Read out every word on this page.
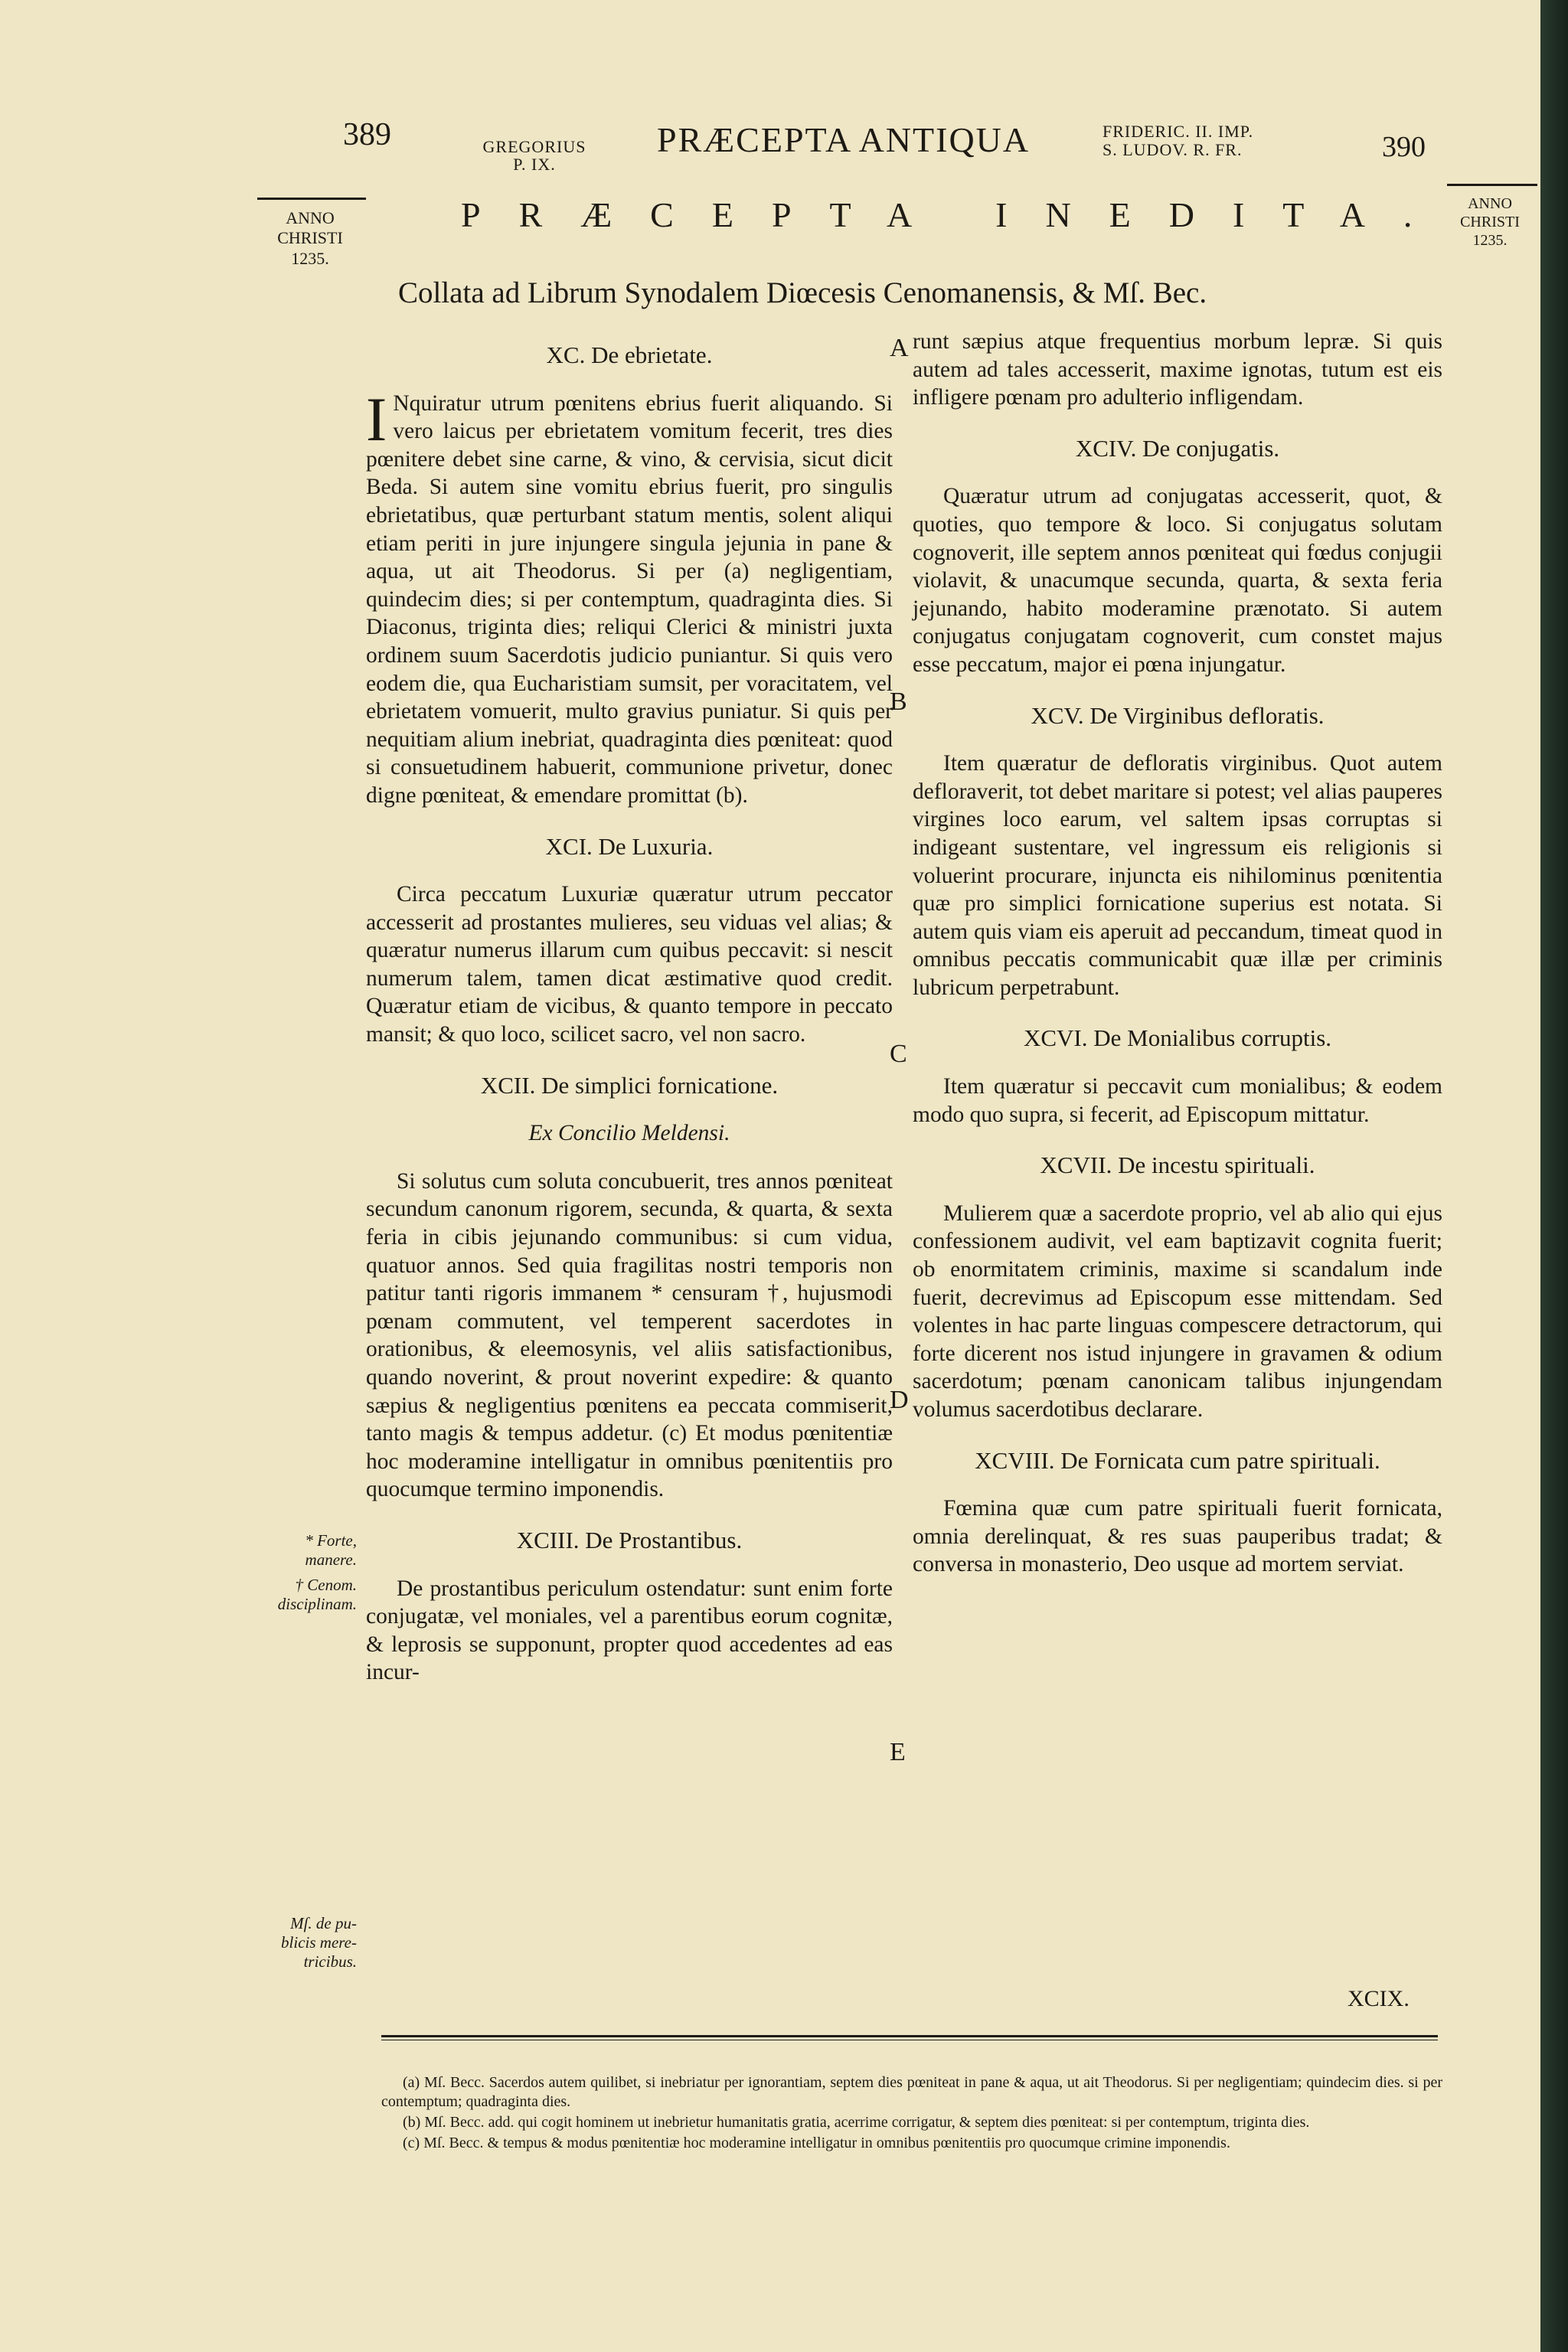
389	GREGORIUS
P. IX.
PRÆCEPTA ANTIQUA	FRIDERIC. II. IMP.
S. LUDOV. R. FR.	390
ANNO
CHRISTI
1235.
ANNO
CHRISTI
1235.
PRÆCEPTA INEDITA.
Collata ad Librum Synodalem Diœcesis Cenomanensis, & Mſ. Bec.
XC. De ebrietate.

I Nquiratur utrum pœnitens ebrius fuerit aliquando. Si vero laicus per ebrietatem vomitum fecerit, tres dies pœnitere debet sine carne, & vino, & cervisia, sicut dicit Beda. Si autem sine vomitu ebrius fuerit, pro singulis ebrietatibus, quæ perturbant statum mentis, solent aliqui etiam periti in jure injungere singula jejunia in pane & aqua, ut ait Theodorus. Si per (a) negligentiam, quindecim dies; si per contemptum, quadraginta dies. Si Diaconus, triginta dies; reliqui Clerici & ministri juxta ordinem suum Sacerdotis judicio puniantur. Si quis vero eodem die, qua Eucharistiam sumsit, per voracitatem, vel ebrietatem vomuerit, multo gravius puniatur. Si quis per nequitiam alium inebriat, quadraginta dies pœniteat: quod si consuetudinem habuerit, communione privetur, donec digne pœniteat, & emendare promittat (b).

XCI. De Luxuria.

Circa peccatum Luxuriæ quæratur utrum peccator accesserit ad prostantes mulieres, seu viduas vel alias; & quæratur numerus illarum cum quibus peccavit: si nescit numerum talem, tamen dicat æstimative quod credit. Quæratur etiam de vicibus, & quanto tempore in peccato mansit; & quo loco, scilicet sacro, vel non sacro.

XCII. De simplici fornicatione.
Ex Concilio Meldensi.

Si solutus cum soluta concubuerit, tres annos pœniteat secundum canonum rigorem, secunda, & quarta, & sexta feria in cibis jejunando communibus: si cum vidua, quatuor annos. Sed quia fragilitas nostri temporis non patitur tanti rigoris immanem * censuram †, hujusmodi pœnam commutent, vel temperent sacerdotes in orationibus, & eleemosynis, vel aliis satisfactionibus, quando noverint, & prout noverint expedire: & quanto sæpius & negligentius pœnitens ea peccata commiserit, tanto magis & tempus addetur. (c) Et modus pœnitentiæ hoc moderamine intelligatur in omnibus pœnitentiis pro quocumque termino imponendis.

XCIII. De Prostantibus.

De prostantibus periculum ostendatur: sunt enim forte conjugatæ, vel moniales, vel a parentibus eorum cognitæ, & leprosis se supponunt, propter quod accedentes ad eas incur-

runt sæpius atque frequentius morbum lepræ. Si quis autem ad tales accesserit, maxime ignotas, tutum est eis infligere pœnam pro adulterio infligendam.

XCIV. De conjugatis.

Quæratur utrum ad conjugatas accesserit, quot, & quoties, quo tempore & loco. Si conjugatus solutam cognoverit, ille septem annos pœniteat qui fœdus conjugii violavit, & unacumque secunda, quarta, & sexta feria jejunando, habito moderamine prænotato. Si autem conjugatus conjugatam cognoverit, cum constet majus esse peccatum, major ei pœna injungatur.

XCV. De Virginibus defloratis.

Item quæratur de defloratis virginibus. Quot autem defloraverit, tot debet maritare si potest; vel alias pauperes virgines loco earum, vel saltem ipsas corruptas si indigeant sustentare, vel ingressum eis religionis si voluerint procurare, injuncta eis nihilominus pœnitentia quæ pro simplici fornicatione superius est notata. Si autem quis viam eis aperuit ad peccandum, timeat quod in omnibus peccatis communicabit quæ illæ per criminis lubricum perpetrabunt.

XCVI. De Monialibus corruptis.

Item quæratur si peccavit cum monialibus; & eodem modo quo supra, si fecerit, ad Episcopum mittatur.

XCVII. De incestu spirituali.

Mulierem quæ a sacerdote proprio, vel ab alio qui ejus confessionem audivit, vel eam baptizavit cognita fuerit; ob enormitatem criminis, maxime si scandalum inde fuerit, decrevimus ad Episcopum esse mittendam. Sed volentes in hac parte linguas compescere detractorum, qui forte dicerent nos istud injungere in gravamen & odium sacerdotum; pœnam canonicam talibus injungendam volumus sacerdotibus declarare.

XCVIII. De Fornicata cum patre spirituali.

Fœmina quæ cum patre spirituali fuerit fornicata, omnia derelinquat, & res suas pauperibus tradat; & conversa in monasterio, Deo usque ad mortem serviat.

A
B
C
D
E
* Forte,
manere.
† Cenom.
disciplinam.
Mſ. de pu-
blicis mere-
tricibus.
XCIX.

(a) Mſ. Becc. Sacerdos autem quilibet, si inebriatur per ignorantiam, septem dies pœniteat in pane & aqua, ut ait Theodorus. Si per negligentiam; quindecim dies. si per contemptum; quadraginta dies.

(b) Mſ. Becc. add. qui cogit hominem ut inebrietur humanitatis gratia, acerrime corrigatur, & septem dies pœniteat: si per contemptum, triginta dies.

(c) Mſ. Becc. & tempus & modus pœnitentiæ hoc moderamine intelligatur in omnibus pœnitentiis pro quocumque crimine imponendis.
